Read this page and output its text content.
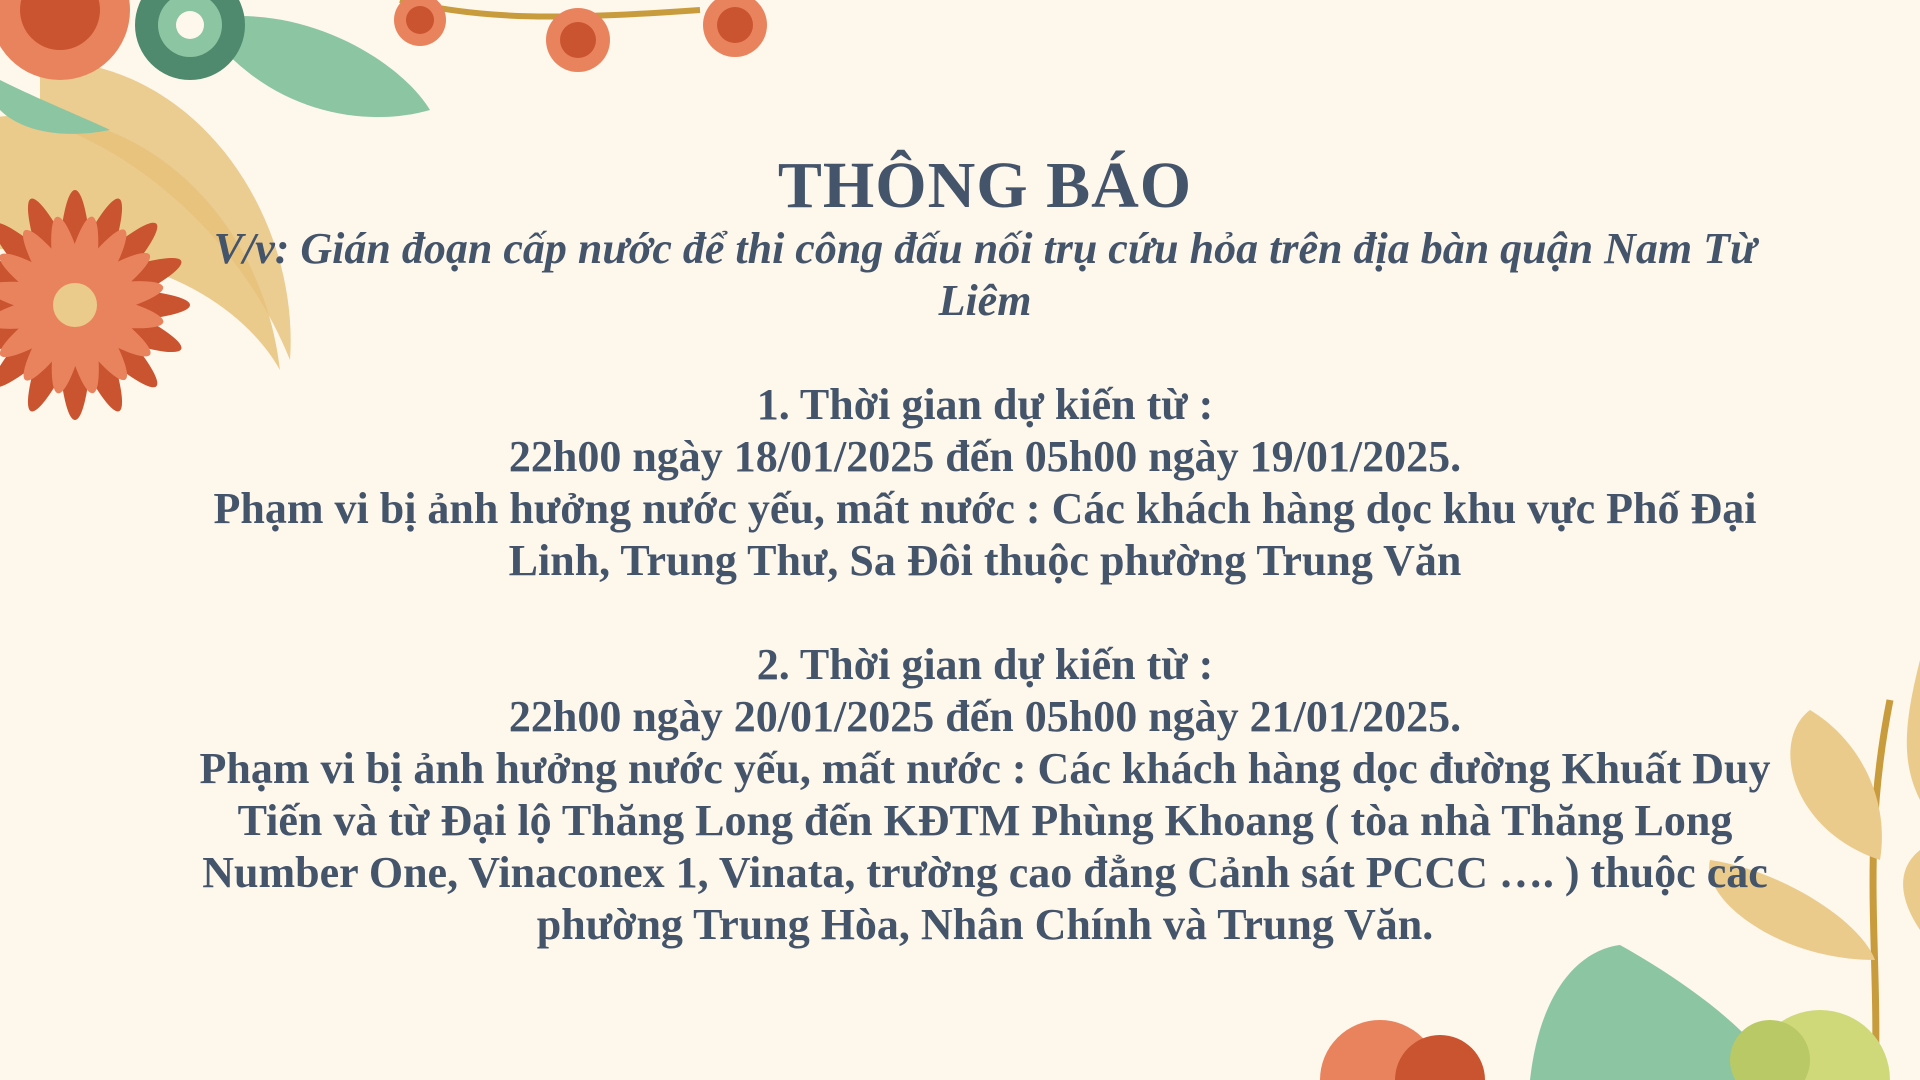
THÔNG BÁO

V/v: Gián đoạn cấp nước để thi công đấu nối trụ cứu hỏa trên địa bàn quận Nam Từ Liêm

1. Thời gian dự kiến từ :
22h00 ngày 18/01/2025 đến 05h00 ngày 19/01/2025.
Phạm vi bị ảnh hưởng nước yếu, mất nước : Các khách hàng dọc khu vực Phố Đại Linh, Trung Thư, Sa Đôi thuộc phường Trung Văn
2. Thời gian dự kiến từ :
22h00 ngày 20/01/2025 đến 05h00 ngày 21/01/2025.
Phạm vi bị ảnh hưởng nước yếu, mất nước : Các khách hàng dọc đường Khuất Duy Tiến và từ Đại lộ Thăng Long đến KĐTM Phùng Khoang ( tòa nhà Thăng Long Number One, Vinaconex 1, Vinata, trường cao đẳng Cảnh sát PCCC …. ) thuộc các phường Trung Hòa, Nhân Chính và Trung Văn.
